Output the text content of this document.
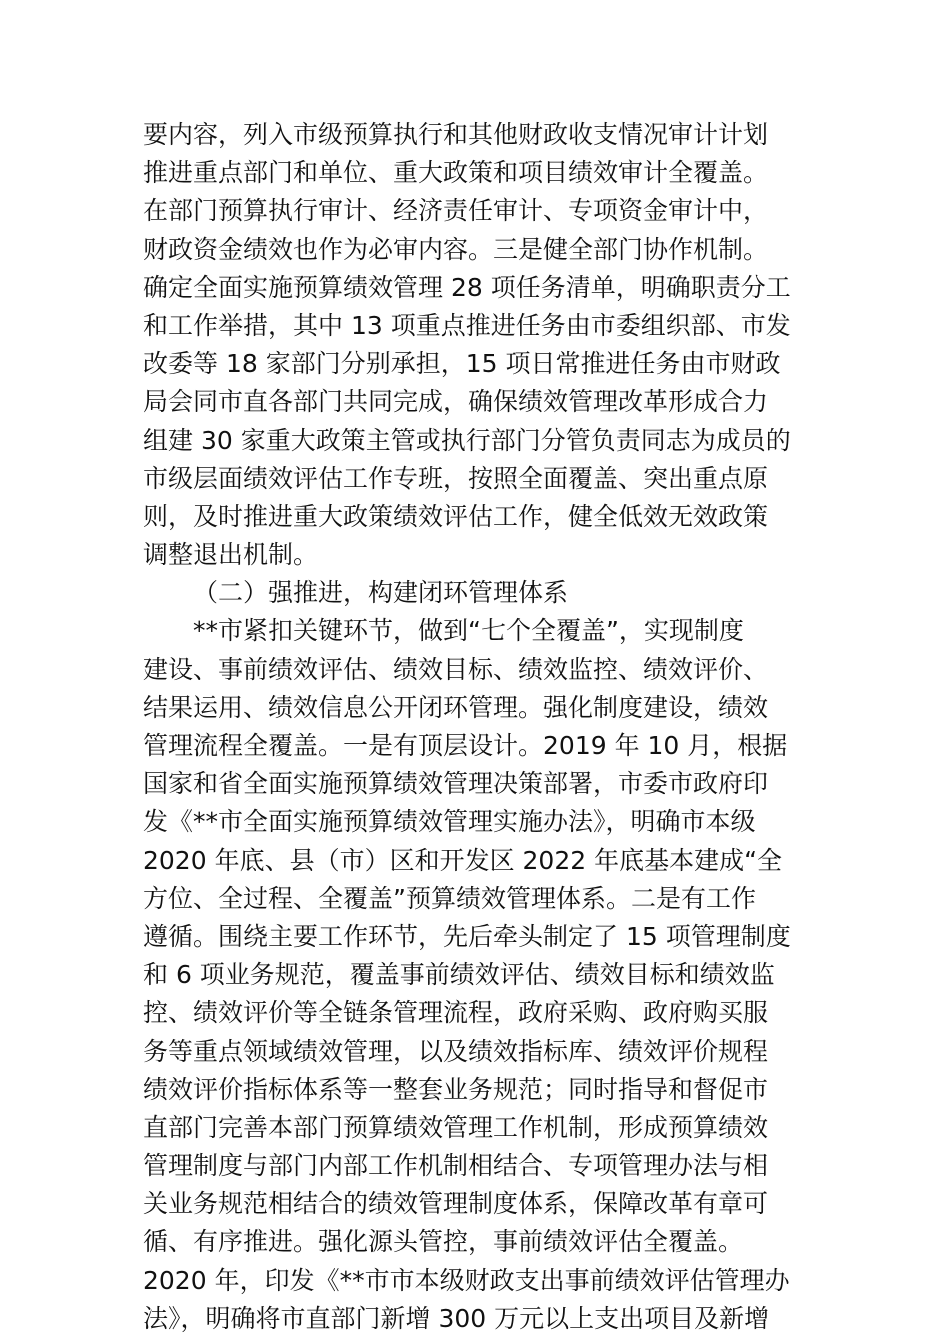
要内容，列入市级预算执行和其他财政收支情况审计计划
推进重点部门和单位、重大政策和项目绩效审计全覆盖。
在部门预算执行审计、经济责任审计、专项资金审计中，
财政资金绩效也作为必审内容。三是健全部门协作机制。
确定全面实施预算绩效管理 28 项任务清单，明确职责分工
和工作举措，其中 13 项重点推进任务由市委组织部、市发
改委等 18 家部门分别承担，15 项日常推进任务由市财政
局会同市直各部门共同完成，确保绩效管理改革形成合力
组建 30 家重大政策主管或执行部门分管负责同志为成员的
市级层面绩效评估工作专班，按照全面覆盖、突出重点原
则，及时推进重大政策绩效评估工作，健全低效无效政策
调整退出机制。
（二）强推进，构建闭环管理体系
**市紧扣关键环节，做到“七个全覆盖”，实现制度
建设、事前绩效评估、绩效目标、绩效监控、绩效评价、
结果运用、绩效信息公开闭环管理。强化制度建设，绩效
管理流程全覆盖。一是有顶层设计。2019 年 10 月，根据
国家和省全面实施预算绩效管理决策部署，市委市政府印
发《**市全面实施预算绩效管理实施办法》，明确市本级
2020 年底、县（市）区和开发区 2022 年底基本建成“全
方位、全过程、全覆盖”预算绩效管理体系。二是有工作
遵循。围绕主要工作环节，先后牵头制定了 15 项管理制度
和 6 项业务规范，覆盖事前绩效评估、绩效目标和绩效监
控、绩效评价等全链条管理流程，政府采购、政府购买服
务等重点领域绩效管理，以及绩效指标库、绩效评价规程
绩效评价指标体系等一整套业务规范；同时指导和督促市
直部门完善本部门预算绩效管理工作机制，形成预算绩效
管理制度与部门内部工作机制相结合、专项管理办法与相
关业务规范相结合的绩效管理制度体系，保障改革有章可
循、有序推进。强化源头管控，事前绩效评估全覆盖。
2020 年，印发《**市市本级财政支出事前绩效评估管理办
法》，明确将市直部门新增 300 万元以上支出项目及新增
